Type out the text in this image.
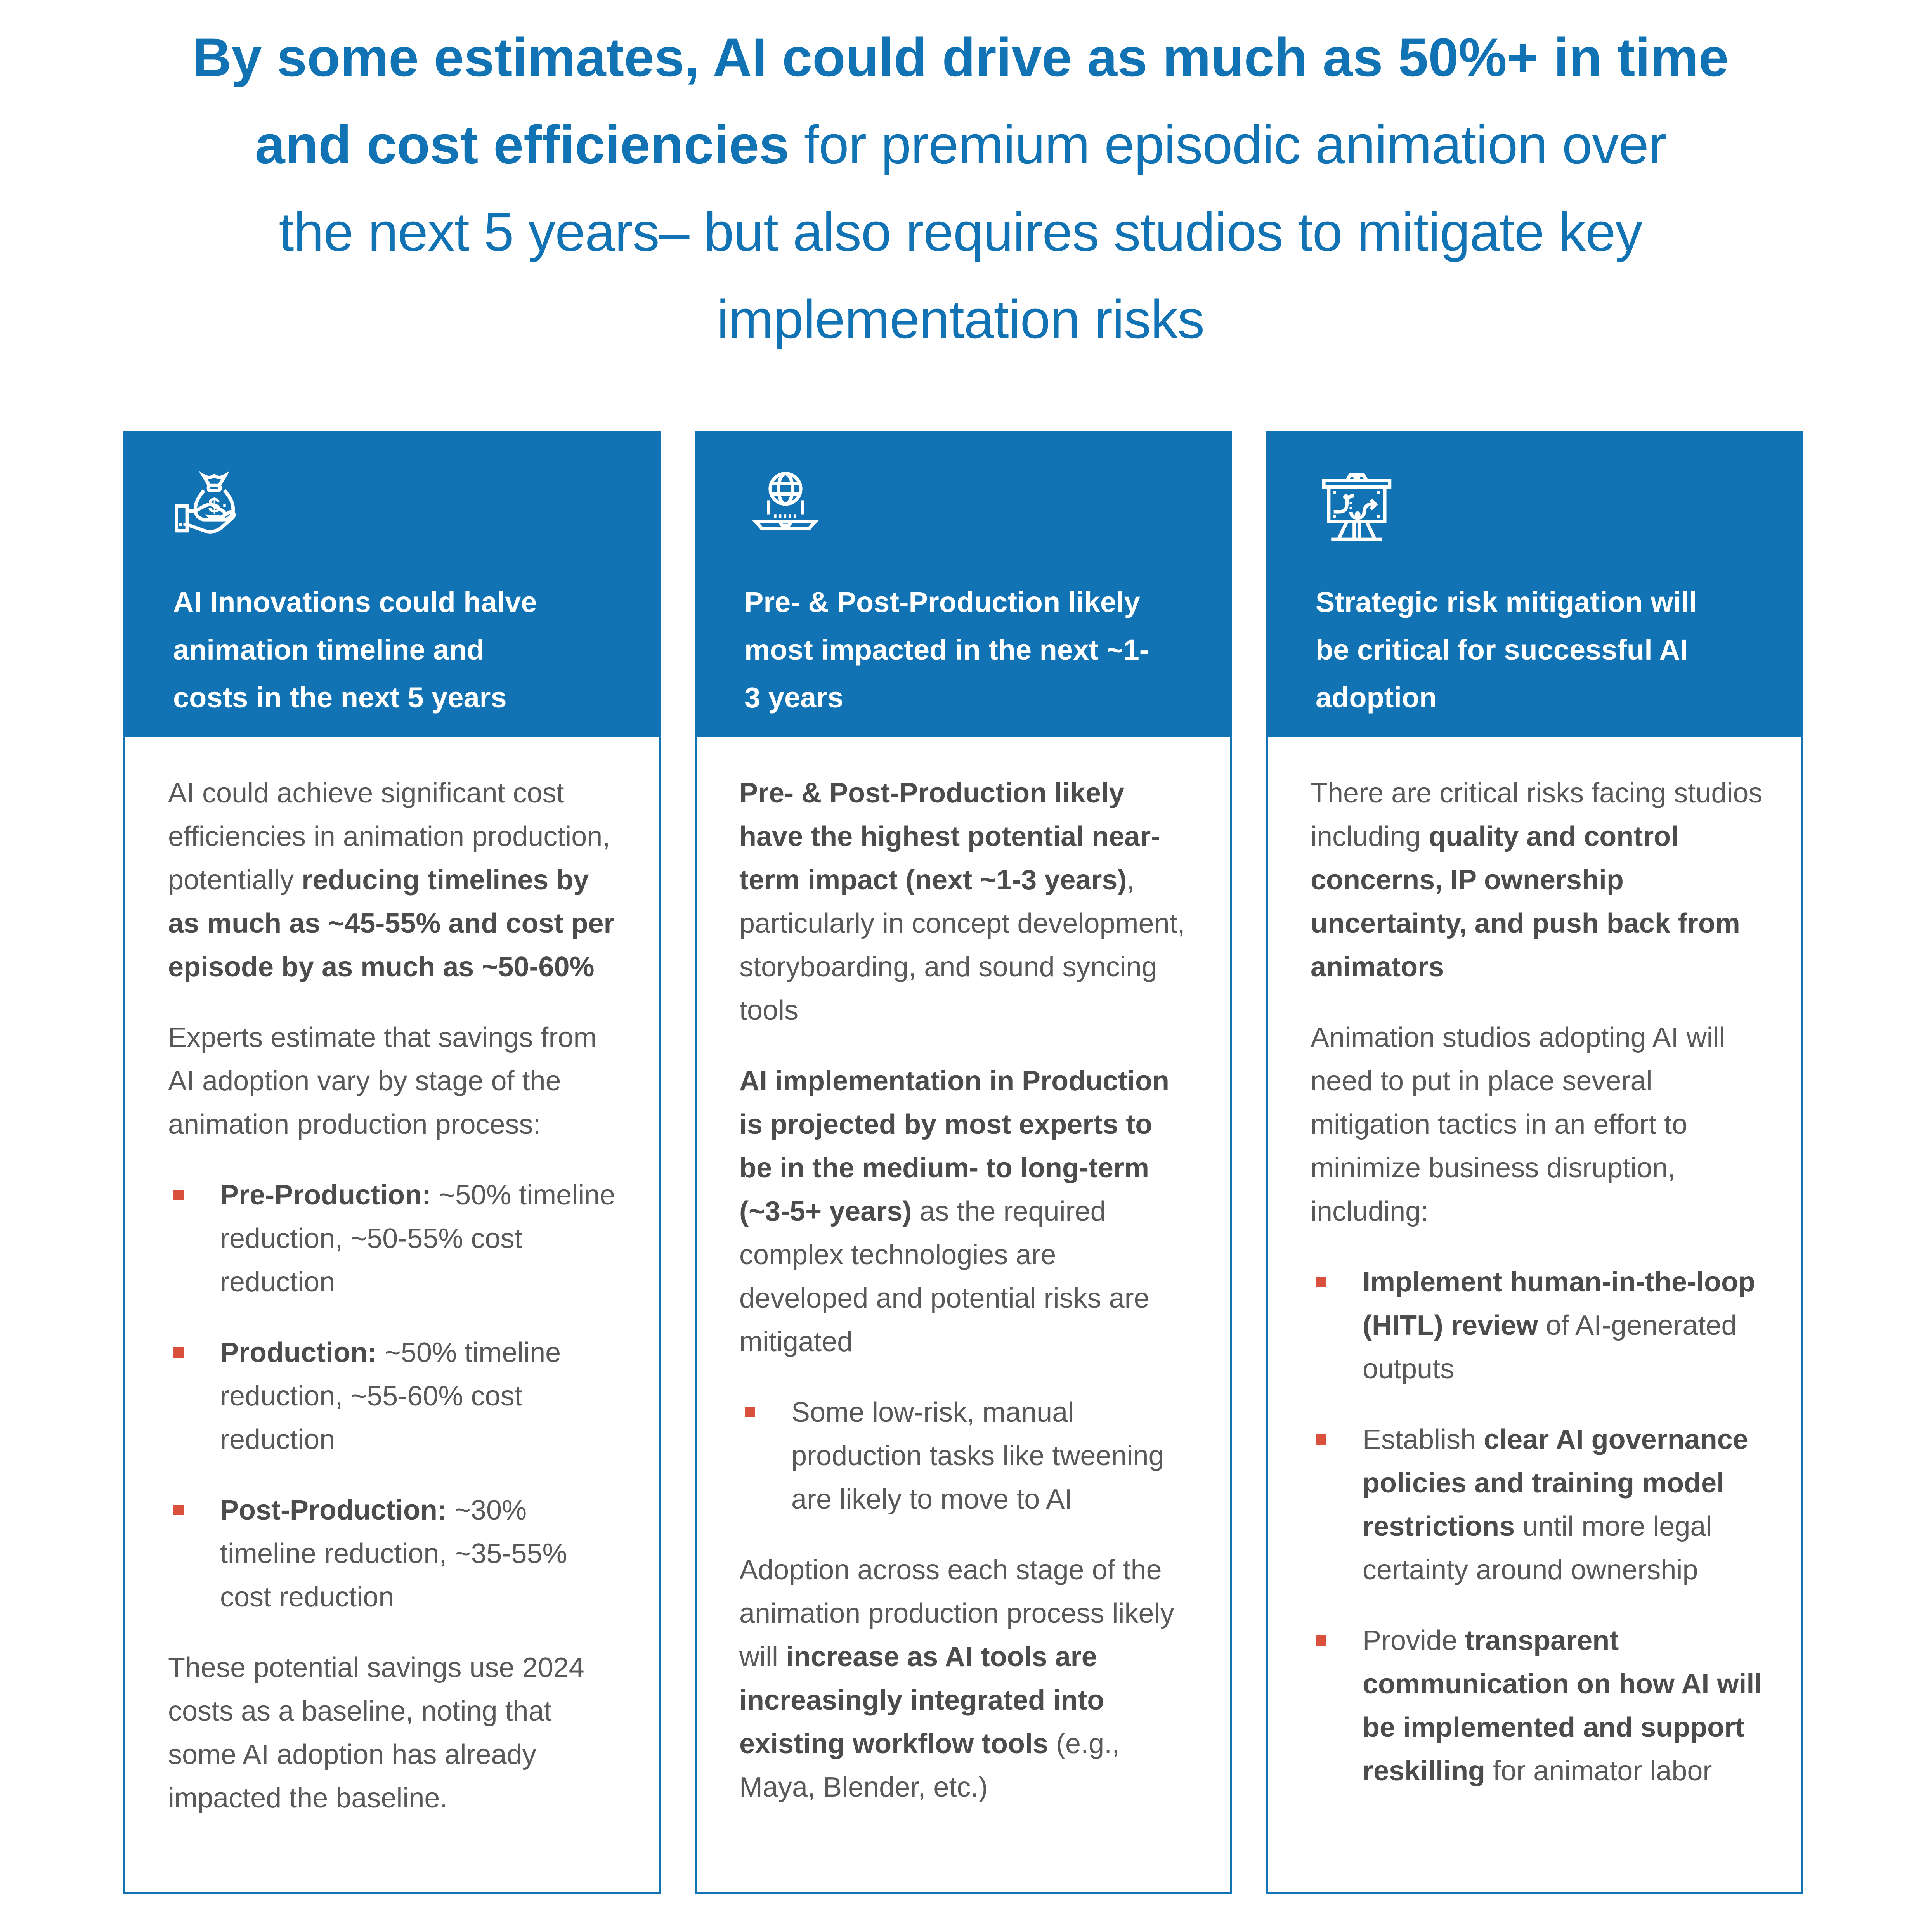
By some estimates, AI could drive as much as 50%+ in time
and cost efficiencies for premium episodic animation over
the next 5 years– but also requires studios to mitigate key
implementation risks
$
AI Innovations could halve
animation timeline and
costs in the next 5 years

AI could achieve significant cost efficiencies in animation production, potentially reducing timelines by as much as ~45-55% and cost per episode by as much as ~50-60%

Experts estimate that savings from AI adoption vary by stage of the animation production process:

Pre-Production: ~50% timeline reduction, ~50-55% cost reduction
Production: ~50% timeline reduction, ~55-60% cost reduction
Post-Production: ~30% timeline reduction, ~35-55% cost reduction

These potential savings use 2024 costs as a baseline, noting that some AI adoption has already impacted the baseline.

Pre- & Post-Production likely
most impacted in the next ~1-
3 years

Pre- & Post-Production likely have the highest potential near-term impact (next ~1-3 years), particularly in concept development, storyboarding, and sound syncing tools

AI implementation in Production is projected by most experts to be in the medium- to long-term (~3-5+ years) as the required complex technologies are developed and potential risks are mitigated

Some low-risk, manual production tasks like tweening are likely to move to AI

Adoption across each stage of the animation production process likely will increase as AI tools are increasingly integrated into existing workflow tools (e.g., Maya, Blender, etc.)

Strategic risk mitigation will
be critical for successful AI
adoption

There are critical risks facing studios including quality and control concerns, IP ownership uncertainty, and push back from animators

Animation studios adopting AI will need to put in place several mitigation tactics in an effort to minimize business disruption, including:

Implement human-in-the-loop (HITL) review of AI-generated outputs
Establish clear AI governance policies and training model restrictions until more legal certainty around ownership
Provide transparent communication on how AI will be implemented and support reskilling for animator labor
